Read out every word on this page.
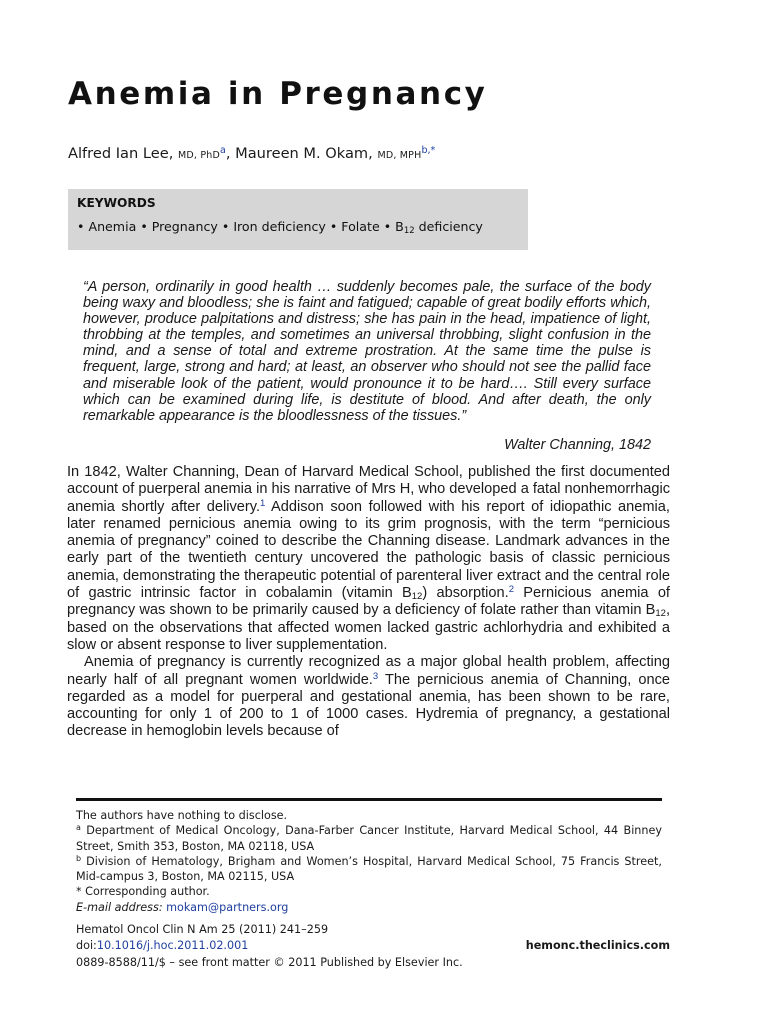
Anemia in Pregnancy
Alfred Ian Lee, MD, PhD$^a$, Maureen M. Okam, MD, $MPH^{b,*}$
KEYWORDS
• Anemia • Pregnancy • Iron deficiency • Folate • $B_{12}$ deficiency
“A person, ordinarily in good health … suddenly becomes pale, the surface of the body being waxy and bloodless; she is faint and fatigued; capable of great bodily efforts which, however, produce palpitations and distress; she has pain in the head, impatience of light, throbbing at the temples, and sometimes an universal throbbing, slight confusion in the mind, and a sense of total and extreme prostration. At the same time the pulse is frequent, large, strong and hard; at least, an observer who should not see the pallid face and miserable look of the patient, would pronounce it to be hard…. Still every surface which can be examined during life, is destitute of blood. And after death, the only remarkable appearance is the bloodlessness of the tissues.”
Walter Channing, 1842

In 1842, Walter Channing, Dean of Harvard Medical School, published the first documented account of puerperal anemia in his narrative of Mrs H, who developed a fatal nonhemorrhagic anemia shortly after delivery.$^1$ Addison soon followed with his report of idiopathic anemia, later renamed pernicious anemia owing to its grim prognosis, with the term “pernicious anemia of pregnancy” coined to describe the Channing disease. Landmark advances in the early part of the twentieth century uncovered the pathologic basis of classic pernicious anemia, demonstrating the therapeutic potential of parenteral liver extract and the central role of gastric intrinsic factor in cobalamin (vitamin $B_{12}$) absorption.$^2$ Pernicious anemia of pregnancy was shown to be primarily caused by a deficiency of folate rather than vitamin $B_{12}$, based on the observations that affected women lacked gastric achlorhydria and exhibited a slow or absent response to liver supplementation.

Anemia of pregnancy is currently recognized as a major global health problem, affecting nearly half of all pregnant women worldwide.$^3$ The pernicious anemia of Channing, once regarded as a model for puerperal and gestational anemia, has been shown to be rare, accounting for only 1 of 200 to 1 of 1000 cases. Hydremia of pregnancy, a gestational decrease in hemoglobin levels because of

The authors have nothing to disclose.
$^a$ Department of Medical Oncology, Dana-Farber Cancer Institute, Harvard Medical School, 44 Binney Street, Smith 353, Boston, MA 02118, USA
$^b$ Division of Hematology, Brigham and Women’s Hospital, Harvard Medical School, 75 Francis Street, Mid-campus 3, Boston, MA 02115, USA
* Corresponding author.
E-mail address: mokam@partners.org
Hematol Oncol Clin N Am 25 (2011) 241–259
doi:10.1016/j.hoc.2011.02.001	hemonc.theclinics.com
0889-8588/11/$ – see front matter © 2011 Published by Elsevier Inc.
